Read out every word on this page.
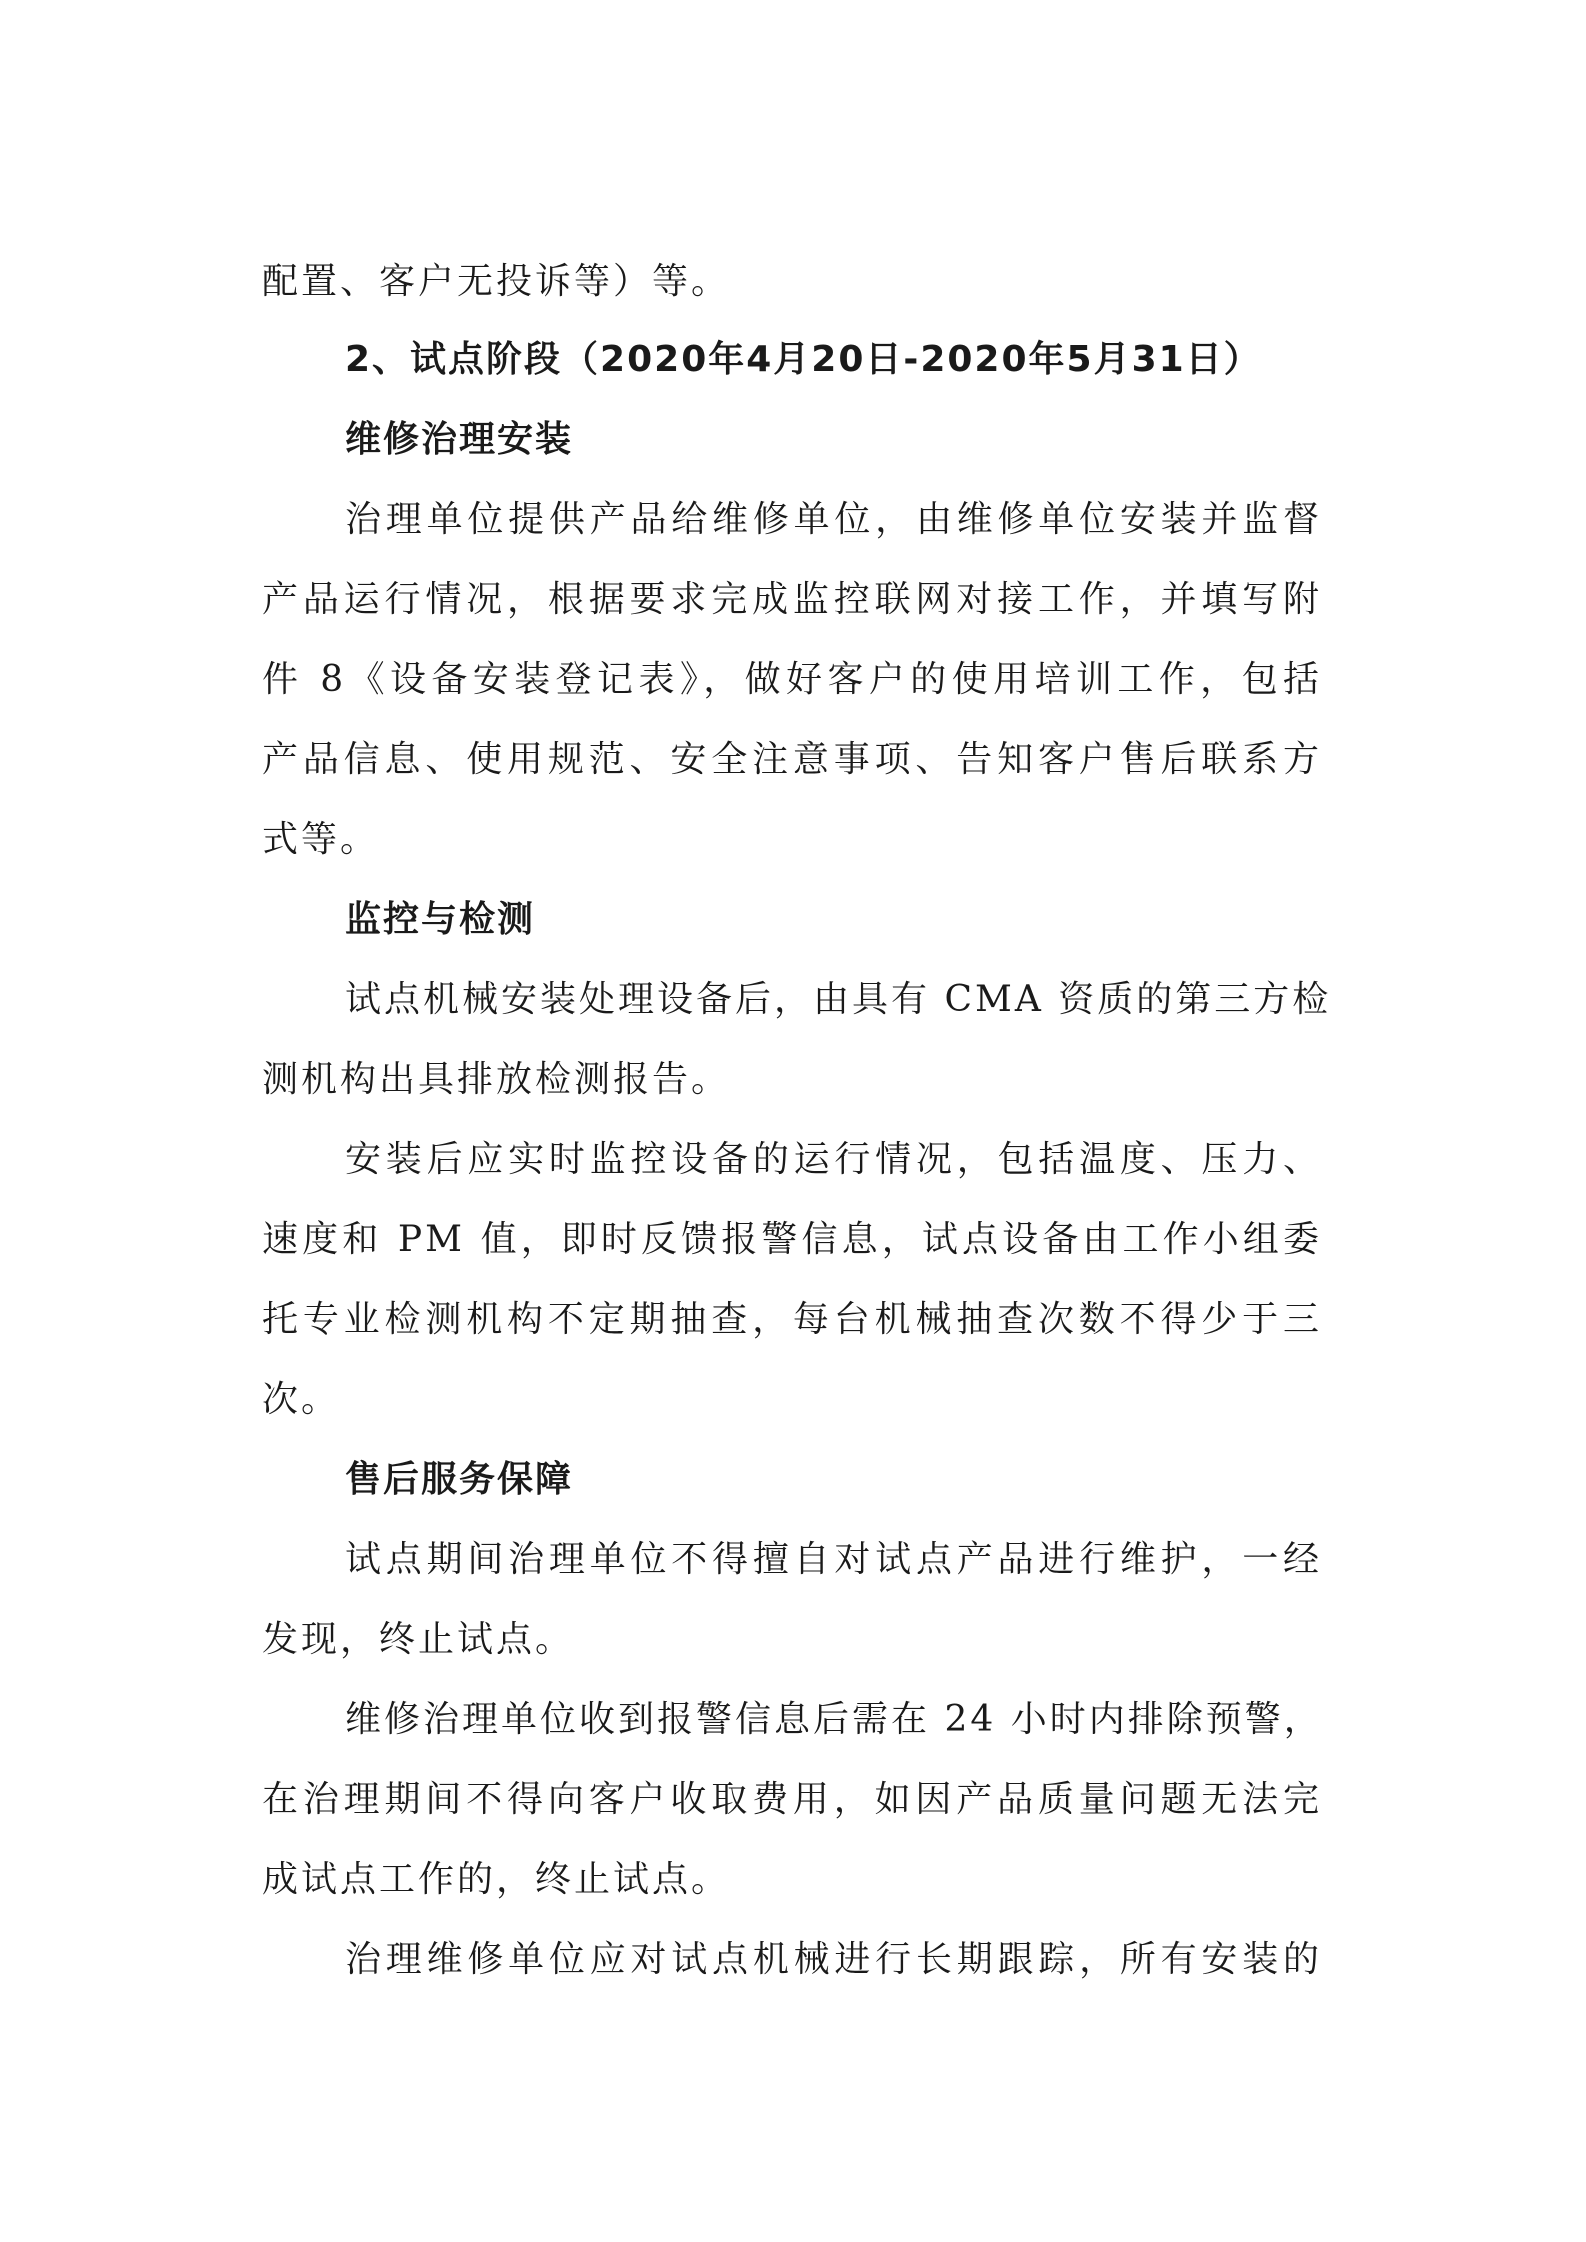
配置、客户无投诉等）等。

2、试点阶段（2020年4月20日-2020年5月31日）

维修治理安装

治理单位提供产品给维修单位，由维修单位安装并监督

产品运行情况，根据要求完成监控联网对接工作，并填写附

件 8《设备安装登记表》，做好客户的使用培训工作，包括

产品信息、使用规范、安全注意事项、告知客户售后联系方

式等。

监控与检测

试点机械安装处理设备后，由具有 CMA 资质的第三方检

测机构出具排放检测报告。

安装后应实时监控设备的运行情况，包括温度、压力、

速度和 PM 值，即时反馈报警信息，试点设备由工作小组委

托专业检测机构不定期抽查，每台机械抽查次数不得少于三

次。

售后服务保障

试点期间治理单位不得擅自对试点产品进行维护，一经

发现，终止试点。

维修治理单位收到报警信息后需在 24 小时内排除预警，

在治理期间不得向客户收取费用，如因产品质量问题无法完

成试点工作的，终止试点。

治理维修单位应对试点机械进行长期跟踪，所有安装的
